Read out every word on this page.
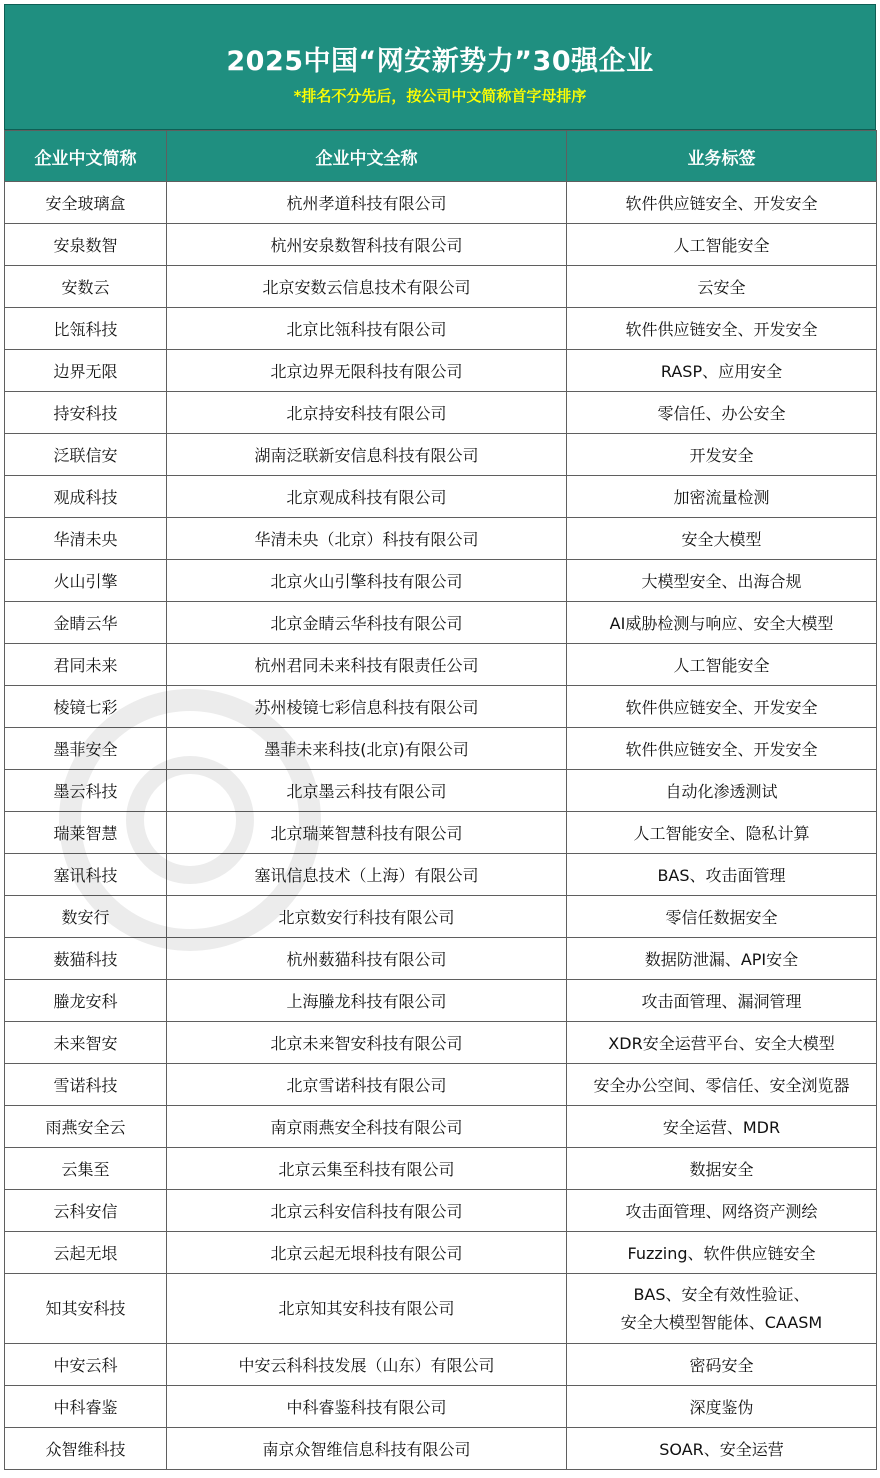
2025中国“网安新势力”30强企业
*排名不分先后，按公司中文简称首字母排序
企业中文简称	企业中文全称	业务标签
安全玻璃盒	杭州孝道科技有限公司	软件供应链安全、开发安全
安泉数智	杭州安泉数智科技有限公司	人工智能安全
安数云	北京安数云信息技术有限公司	云安全
比瓴科技	北京比瓴科技有限公司	软件供应链安全、开发安全
边界无限	北京边界无限科技有限公司	RASP、应用安全
持安科技	北京持安科技有限公司	零信任、办公安全
泛联信安	湖南泛联新安信息科技有限公司	开发安全
观成科技	北京观成科技有限公司	加密流量检测
华清未央	华清未央（北京）科技有限公司	安全大模型
火山引擎	北京火山引擎科技有限公司	大模型安全、出海合规
金睛云华	北京金睛云华科技有限公司	AI威胁检测与响应、安全大模型
君同未来	杭州君同未来科技有限责任公司	人工智能安全
棱镜七彩	苏州棱镜七彩信息科技有限公司	软件供应链安全、开发安全
墨菲安全	墨菲未来科技(北京)有限公司	软件供应链安全、开发安全
墨云科技	北京墨云科技有限公司	自动化渗透测试
瑞莱智慧	北京瑞莱智慧科技有限公司	人工智能安全、隐私计算
塞讯科技	塞讯信息技术（上海）有限公司	BAS、攻击面管理
数安行	北京数安行科技有限公司	零信任数据安全
薮猫科技	杭州薮猫科技有限公司	数据防泄漏、API安全
螣龙安科	上海螣龙科技有限公司	攻击面管理、漏洞管理
未来智安	北京未来智安科技有限公司	XDR安全运营平台、安全大模型
雪诺科技	北京雪诺科技有限公司	安全办公空间、零信任、安全浏览器
雨燕安全云	南京雨燕安全科技有限公司	安全运营、MDR
云集至	北京云集至科技有限公司	数据安全
云科安信	北京云科安信科技有限公司	攻击面管理、网络资产测绘
云起无垠	北京云起无垠科技有限公司	Fuzzing、软件供应链安全
知其安科技	北京知其安科技有限公司	BAS、安全有效性验证、
安全大模型智能体、CAASM

中安云科	中安云科科技发展（山东）有限公司	密码安全
中科睿鉴	中科睿鉴科技有限公司	深度鉴伪
众智维科技	南京众智维信息科技有限公司	SOAR、安全运营
